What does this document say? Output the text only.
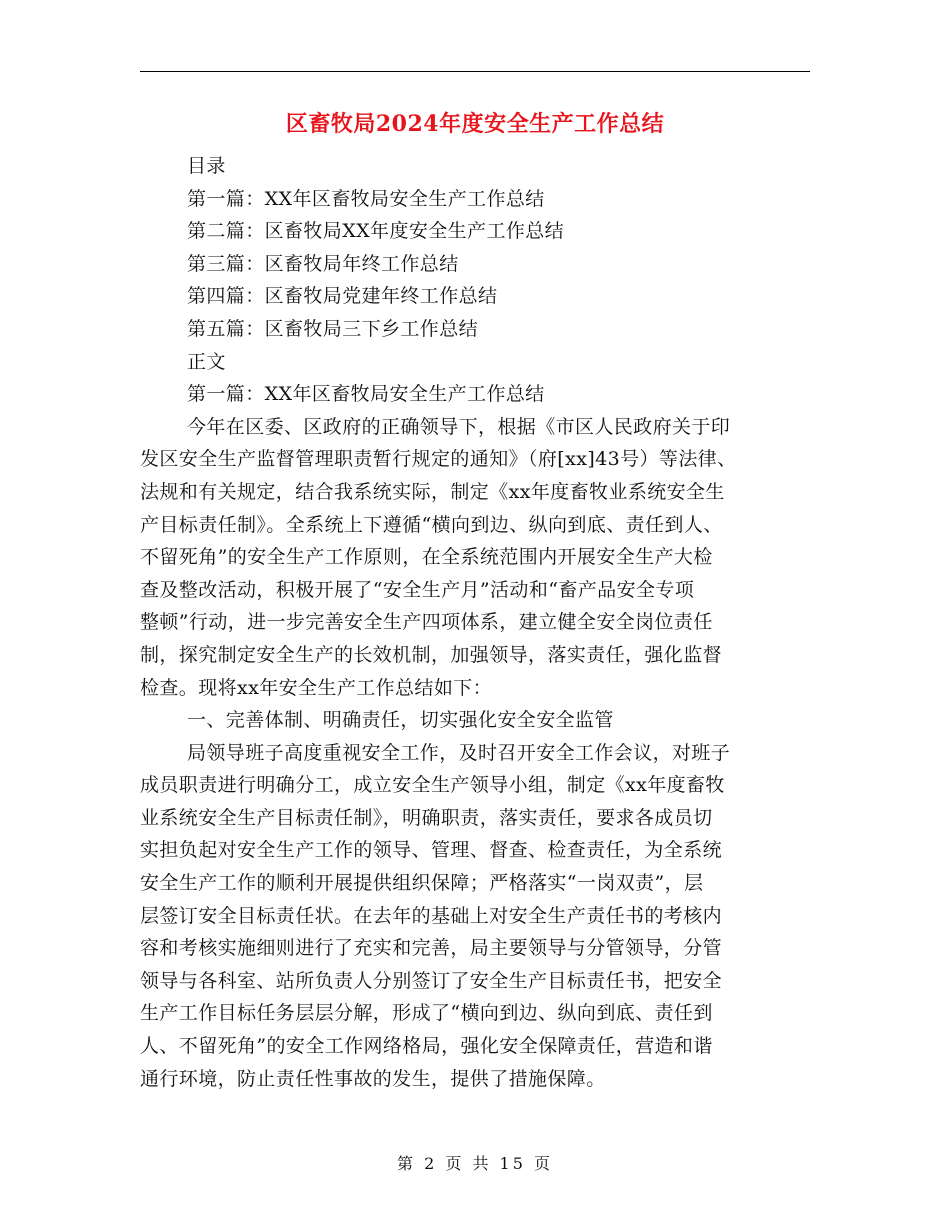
区畜牧局2024年度安全生产工作总结
目录
第一篇：XX年区畜牧局安全生产工作总结
第二篇：区畜牧局XX年度安全生产工作总结
第三篇：区畜牧局年终工作总结
第四篇：区畜牧局党建年终工作总结
第五篇：区畜牧局三下乡工作总结
正文
第一篇：XX年区畜牧局安全生产工作总结
今年在区委、区政府的正确领导下，根据《市区人民政府关于印
发区安全生产监督管理职责暂行规定的通知》（府[xx]43号）等法律、
法规和有关规定，结合我系统实际，制定《xx年度畜牧业系统安全生
产目标责任制》。全系统上下遵循“横向到边、纵向到底、责任到人、
不留死角”的安全生产工作原则，在全系统范围内开展安全生产大检
查及整改活动，积极开展了“安全生产月”活动和“畜产品安全专项
整顿”行动，进一步完善安全生产四项体系，建立健全安全岗位责任
制，探究制定安全生产的长效机制，加强领导，落实责任，强化监督
检查。现将xx年安全生产工作总结如下：
一、完善体制、明确责任，切实强化安全安全监管
局领导班子高度重视安全工作，及时召开安全工作会议，对班子
成员职责进行明确分工，成立安全生产领导小组，制定《xx年度畜牧
业系统安全生产目标责任制》，明确职责，落实责任，要求各成员切
实担负起对安全生产工作的领导、管理、督查、检查责任，为全系统
安全生产工作的顺利开展提供组织保障；严格落实“一岗双责”，层
层签订安全目标责任状。在去年的基础上对安全生产责任书的考核内
容和考核实施细则进行了充实和完善，局主要领导与分管领导，分管
领导与各科室、站所负责人分别签订了安全生产目标责任书，把安全
生产工作目标任务层层分解，形成了“横向到边、纵向到底、责任到
人、不留死角”的安全工作网络格局，强化安全保障责任，营造和谐
通行环境，防止责任性事故的发生，提供了措施保障。
第 2 页 共 15 页
